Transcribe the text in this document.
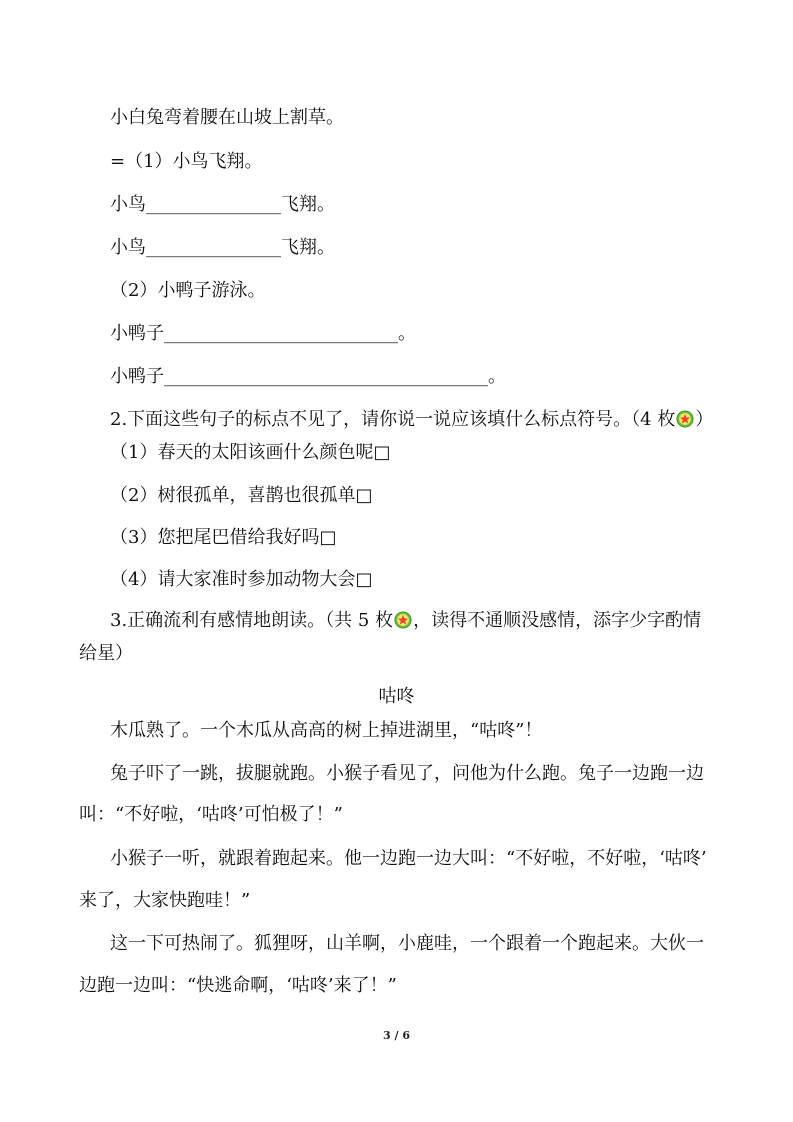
小白兔弯着腰在山坡上割草。
=（1）小鸟飞翔。
小鸟_______________飞翔。
小鸟_______________飞翔。
（2）小鸭子游泳。
小鸭子__________________________。
小鸭子____________________________________。
2.下面这些句子的标点不见了，请你说一说应该填什么标点符号。（4 枚 ）
（1）春天的太阳该画什么颜色呢□
（2）树很孤单，喜鹊也很孤单□
（3）您把尾巴借给我好吗□
（4）请大家准时参加动物大会□
3.正确流利有感情地朗读。（共 5 枚 ，读得不通顺没感情，添字少字酌情
给星）
咕咚
木瓜熟了。一个木瓜从高高的树上掉进湖里，“咕咚”！
兔子吓了一跳，拔腿就跑。小猴子看见了，问他为什么跑。兔子一边跑一边
叫：“不好啦，‘咕咚’可怕极了！”
小猴子一听，就跟着跑起来。他一边跑一边大叫：“不好啦，不好啦，‘咕咚’
来了，大家快跑哇！”
这一下可热闹了。狐狸呀，山羊啊，小鹿哇，一个跟着一个跑起来。大伙一
边跑一边叫：“快逃命啊，‘咕咚’来了！”
3 / 6
